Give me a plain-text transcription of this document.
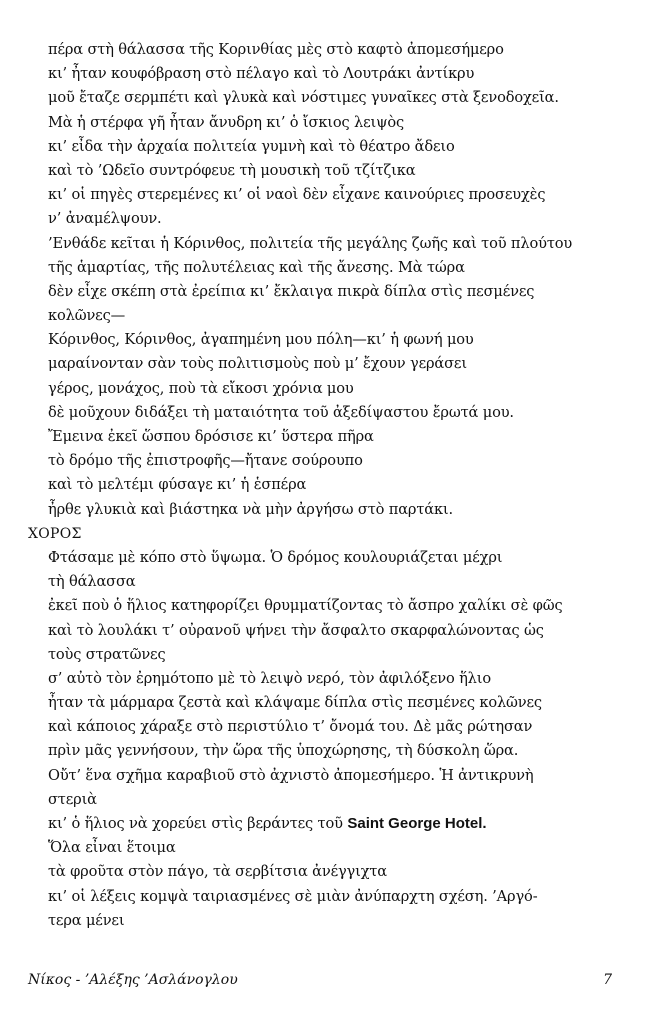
πέρα στὴ θάλασσα τῆς Κορινθίας μὲς στὸ καφτὸ ἀπομεσήμερο
κι’ ἦταν κουφόβραση στὸ πέλαγο καὶ τὸ Λουτράκι ἀντίκρυ
μοῦ ἔταζε σερμπέτι καὶ γλυκὰ καὶ νόστιμες γυναῖκες στὰ ξενοδοχεῖα.
Μὰ ἡ στέρφα γῆ ἦταν ἄνυδρη κι’ ὁ ἴσκιος λειψὸς
κι’ εἶδα τὴν ἀρχαία πολιτεία γυμνὴ καὶ τὸ θέατρο ἄδειο
καὶ τὸ ’Ωδεῖο συντρόφευε τὴ μουσικὴ τοῦ τζίτζικα
κι’ οἱ πηγὲς στερεμένες κι’ οἱ ναοὶ δὲν εἶχανε καινούριες προσευχὲς
ν’ ἀναμέλψουν.
’Ενθάδε κεῖται ἡ Κόρινθος, πολιτεία τῆς μεγάλης ζωῆς καὶ τοῦ πλούτου
τῆς ἁμαρτίας, τῆς πολυτέλειας καὶ τῆς ἄνεσης. Μὰ τώρα
δὲν εἶχε σκέπη στὰ ἐρείπια κι’ ἔκλαιγα πικρὰ δίπλα στὶς πεσμένες
κολῶνες—
Κόρινθος, Κόρινθος, ἀγαπημένη μου πόλη—κι’ ἡ φωνή μου
μαραίνονταν σὰν τοὺς πολιτισμοὺς ποὺ μ’ ἔχουν γεράσει
γέρος, μονάχος, ποὺ τὰ εἴκοσι χρόνια μου
δὲ μοῦχουν διδάξει τὴ ματαιότητα τοῦ ἀξεδίψαστου ἔρωτά μου.
Ἔμεινα ἐκεῖ ὥσπου δρόσισε κι’ ὕστερα πῆρα
τὸ δρόμο τῆς ἐπιστροφῆς—ἤτανε σούρουπο
καὶ τὸ μελτέμι φύσαγε κι’ ἡ ἑσπέρα
ἦρθε γλυκιὰ καὶ βιάστηκα νὰ μὴν ἀργήσω στὸ παρτάκι.
ΧΟΡΟΣ
Φτάσαμε μὲ κόπο στὸ ὕψωμα. Ὁ δρόμος κουλουριάζεται μέχρι
τὴ θάλασσα
ἐκεῖ ποὺ ὁ ἥλιος κατηφορίζει θρυμματίζοντας τὸ ἄσπρο χαλίκι σὲ φῶς
καὶ τὸ λουλάκι τ’ οὐρανοῦ ψήνει τὴν ἄσφαλτο σκαρφαλώνοντας ὡς
τοὺς στρατῶνες
σ’ αὐτὸ τὸν ἐρημότοπο μὲ τὸ λειψὸ νερό, τὸν ἀφιλόξενο ἥλιο
ἦταν τὰ μάρμαρα ζεστὰ καὶ κλάψαμε δίπλα στὶς πεσμένες κολῶνες
καὶ κάποιος χάραξε στὸ περιστύλιο τ’ ὄνομά του. Δὲ μᾶς ρώτησαν
πρὶν μᾶς γεννήσουν, τὴν ὥρα τῆς ὑποχώρησης, τὴ δύσκολη ὥρα.
Οὔτ’ ἕνα σχῆμα καραβιοῦ στὸ ἀχνιστὸ ἀπομεσήμερο. Ἡ ἀντικρυνὴ
στεριὰ
κι’ ὁ ἥλιος νὰ χορεύει στὶς βεράντες τοῦ Saint George Hotel.
Ὅλα εἶναι ἕτοιμα
τὰ φροῦτα στὸν πάγο, τὰ σερβίτσια ἀνέγγιχτα
κι’ οἱ λέξεις κομψὰ ταιριασμένες σὲ μιὰν ἀνύπαρχτη σχέση. ’Αργό-
τερα μένει
Νίκος - ’Αλέξης ’Ασλάνογλου	7
